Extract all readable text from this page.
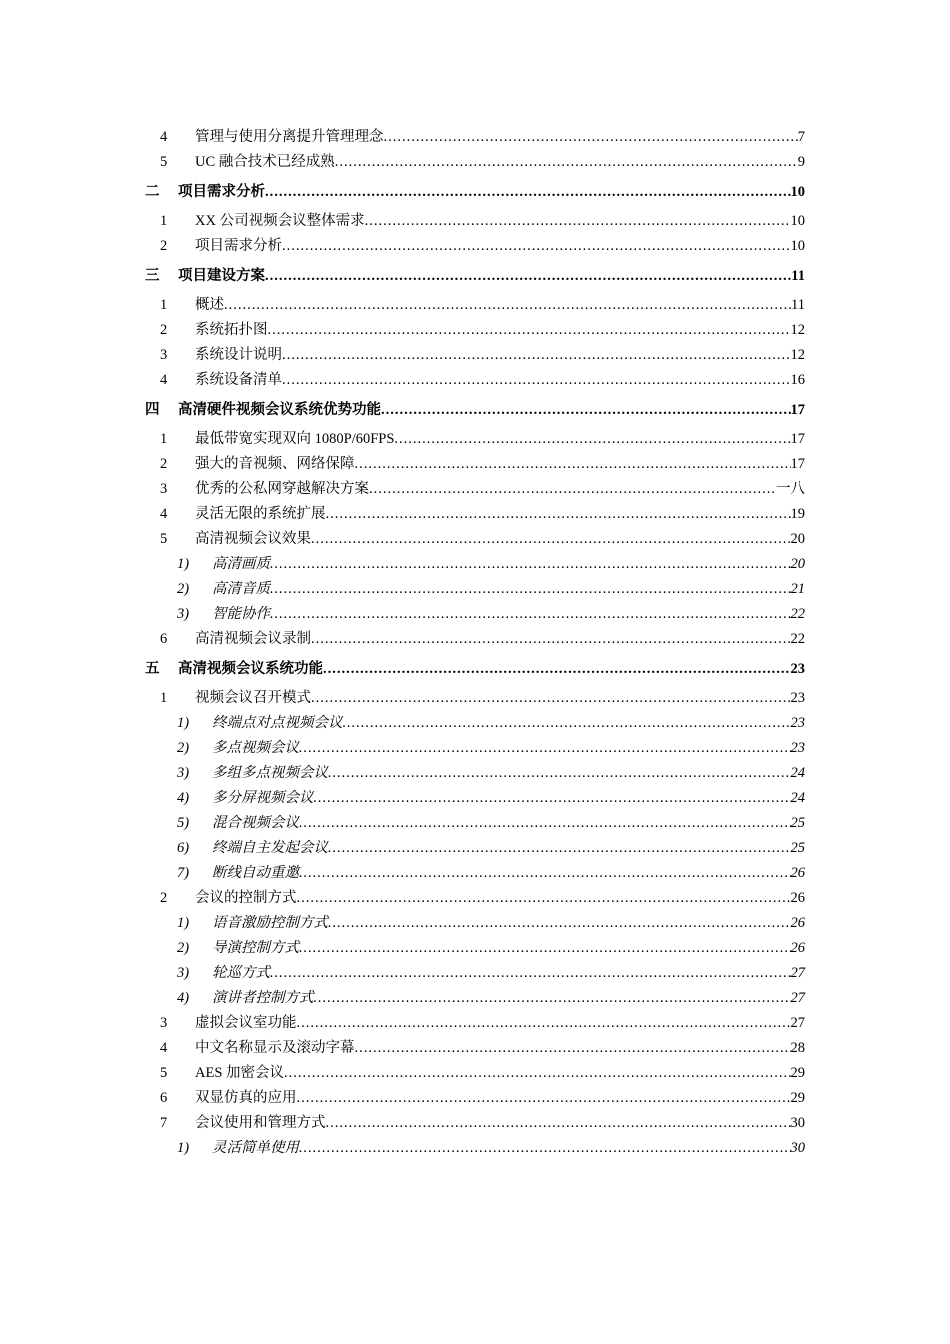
4	管理与使用分离提升管理理念 .....	7
5	UC 融合技术已经成熟 .....	9
二	项目需求分析 .....	10
1	XX 公司视频会议整体需求 .....	10
2	项目需求分析 .....	10
三	项目建设方案 .....	11
1	概述 .....	11
2	系统拓扑图 .....	12
3	系统设计说明 .....	12
4	系统设备清单 .....	16
四	高清硬件视频会议系统优势功能 .....	17
1	最低带宽实现双向 1080P/60FPS .....	17
2	强大的音视频、网络保障 .....	17
3	优秀的公私网穿越解决方案 .....	一八
4	灵活无限的系统扩展 .....	19
5	高清视频会议效果 .....	20
1)	高清画质 .....	20
2)	高清音质 .....	21
3)	智能协作 .....	22
6	高清视频会议录制 .....	22
五	高清视频会议系统功能 .....	23
1	视频会议召开模式 .....	23
1)	终端点对点视频会议 .....	23
2)	多点视频会议 .....	23
3)	多组多点视频会议 .....	24
4)	多分屏视频会议 .....	24
5)	混合视频会议 .....	25
6)	终端自主发起会议 .....	25
7)	断线自动重邀 .....	26
2	会议的控制方式 .....	26
1)	语音激励控制方式 .....	26
2)	导演控制方式 .....	26
3)	轮巡方式 .....	27
4)	演讲者控制方式 .....	27
3	虚拟会议室功能 .....	27
4	中文名称显示及滚动字幕 .....	28
5	AES 加密会议 .....	29
6	双显仿真的应用 .....	29
7	会议使用和管理方式 .....	30
1)	灵活简单使用 .....	30
